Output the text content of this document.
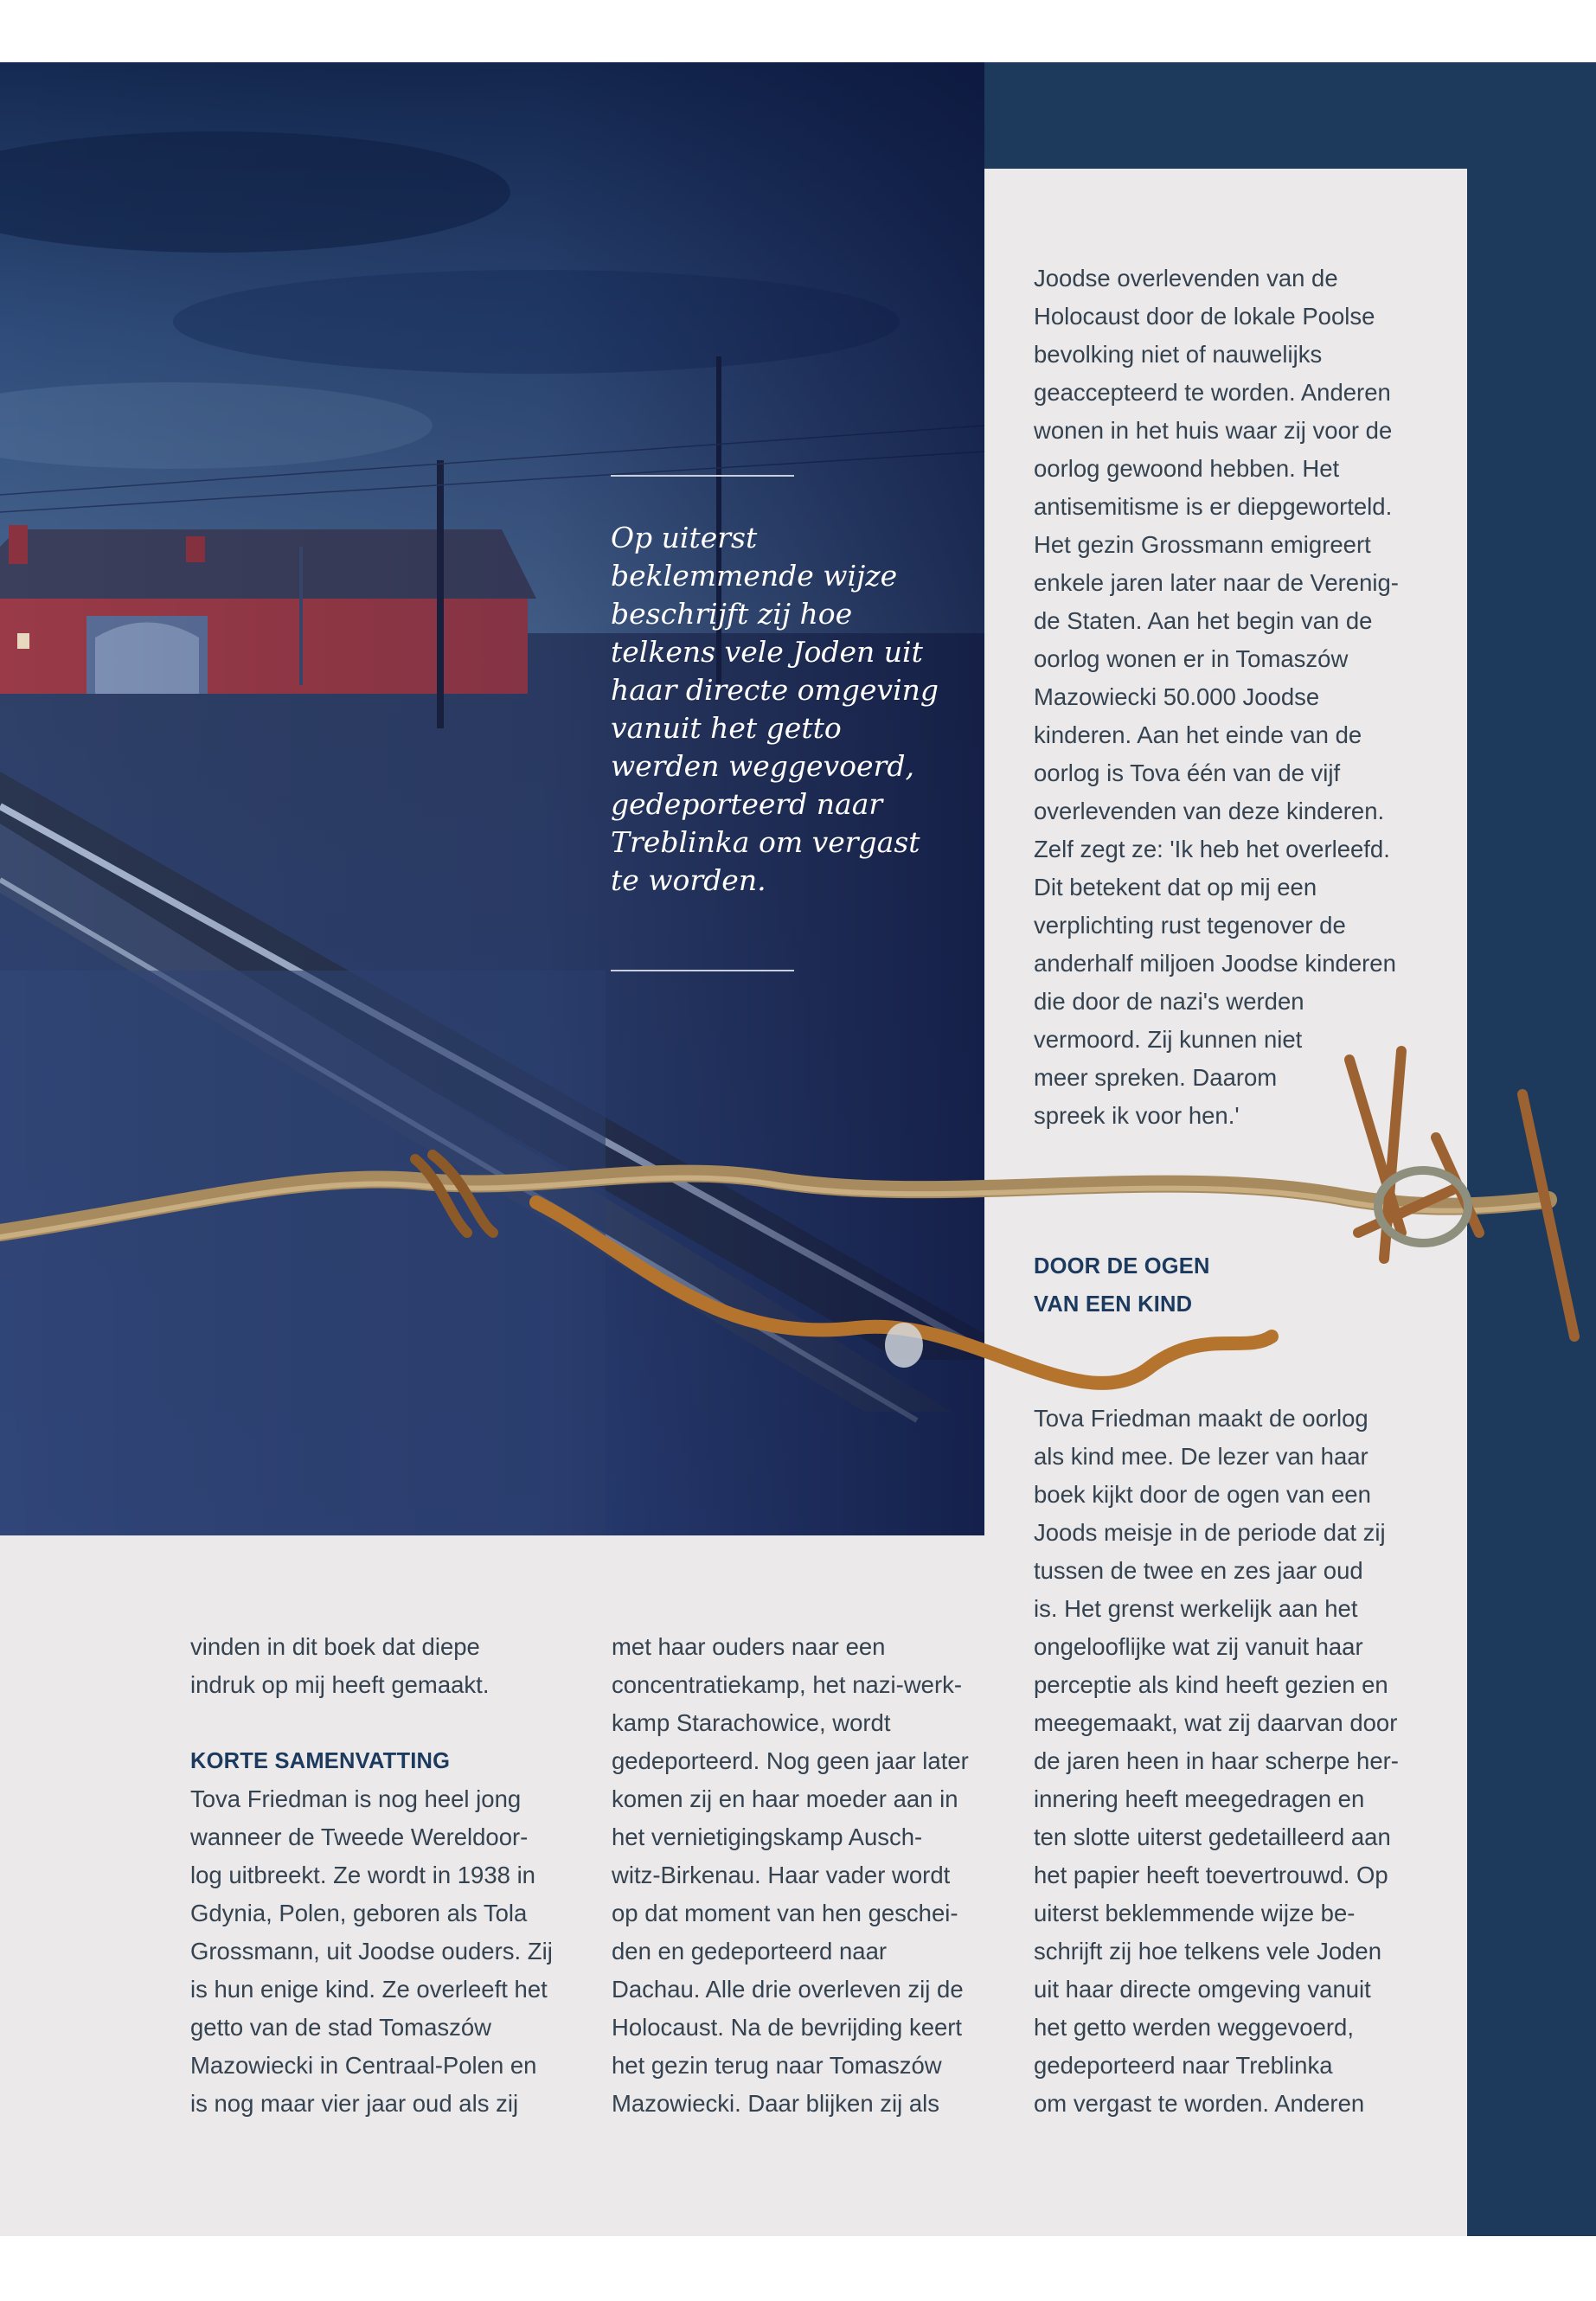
Op uiterst
beklemmende wijze
beschrijft zij hoe
telkens vele Joden uit
haar directe omgeving
vanuit het getto
werden weggevoerd,
gedeporteerd naar
Treblinka om vergast
te worden.

Joodse overlevenden van de
Holocaust door de lokale Poolse
bevolking niet of nauwelijks
geaccepteerd te worden. Anderen
wonen in het huis waar zij voor de
oorlog gewoond hebben. Het
antisemitisme is er diepgeworteld.
Het gezin Grossmann emigreert
enkele jaren later naar de Verenig-
de Staten. Aan het begin van de
oorlog wonen er in Tomaszów
Mazowiecki 50.000 Joodse
kinderen. Aan het einde van de
oorlog is Tova één van de vijf
overlevenden van deze kinderen.
Zelf zegt ze: 'Ik heb het overleefd.
Dit betekent dat op mij een
verplichting rust tegenover de
anderhalf miljoen Joodse kinderen
die door de nazi's werden
vermoord. Zij kunnen niet
meer spreken. Daarom
spreek ik voor hen.'

DOOR DE OGEN
VAN EEN KIND

Tova Friedman maakt de oorlog
als kind mee. De lezer van haar
boek kijkt door de ogen van een
Joods meisje in de periode dat zij
tussen de twee en zes jaar oud
is. Het grenst werkelijk aan het
ongelooflijke wat zij vanuit haar
perceptie als kind heeft gezien en
meegemaakt, wat zij daarvan door
de jaren heen in haar scherpe her-
innering heeft meegedragen en
ten slotte uiterst gedetailleerd aan
het papier heeft toevertrouwd. Op
uiterst beklemmende wijze be-
schrijft zij hoe telkens vele Joden
uit haar directe omgeving vanuit
het getto werden weggevoerd,
gedeporteerd naar Treblinka
om vergast te worden. Anderen

vinden in dit boek dat diepe
indruk op mij heeft gemaakt.

KORTE SAMENVATTING

Tova Friedman is nog heel jong
wanneer de Tweede Wereldoor-
log uitbreekt. Ze wordt in 1938 in
Gdynia, Polen, geboren als Tola
Grossmann, uit Joodse ouders. Zij
is hun enige kind. Ze overleeft het
getto van de stad Tomaszów
Mazowiecki in Centraal-Polen en
is nog maar vier jaar oud als zij

met haar ouders naar een
concentratiekamp, het nazi-werk-
kamp Starachowice, wordt
gedeporteerd. Nog geen jaar later
komen zij en haar moeder aan in
het vernietigingskamp Ausch-
witz-Birkenau. Haar vader wordt
op dat moment van hen geschei-
den en gedeporteerd naar
Dachau. Alle drie overleven zij de
Holocaust. Na de bevrijding keert
het gezin terug naar Tomaszów
Mazowiecki. Daar blijken zij als
